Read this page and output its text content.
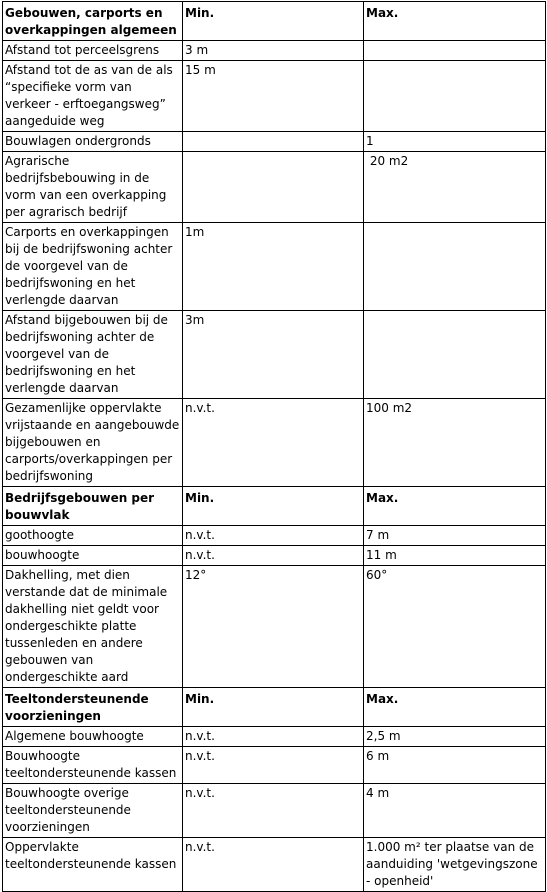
Gebouwen, carports en overkappingen algemeen	Min.	Max.
Afstand tot perceelsgrens	3 m	
Afstand tot de as van de als “specifieke vorm van verkeer - erftoegangsweg” aangeduide weg	15 m	
Bouwlagen ondergronds		1
Agrarische bedrijfsbebouwing in de vorm van een overkapping per agrarisch bedrijf		20 m2
Carports en overkappingen bij de bedrijfswoning achter de voorgevel van de bedrijfswoning en het verlengde daarvan	1m	
Afstand bijgebouwen bij de bedrijfswoning achter de voorgevel van de bedrijfswoning en het verlengde daarvan	3m	
Gezamenlijke oppervlakte vrijstaande en aangebouwde bijgebouwen en carports/overkappingen per bedrijfswoning	n.v.t.	100 m2
Bedrijfsgebouwen per bouwvlak	Min.	Max.
goothoogte	n.v.t.	7 m
bouwhoogte	n.v.t.	11 m
Dakhelling, met dien verstande dat de minimale dakhelling niet geldt voor ondergeschikte platte tussenleden en andere gebouwen van ondergeschikte aard	12°	60°
Teeltondersteunende voorzieningen	Min.	Max.
Algemene bouwhoogte	n.v.t.	2,5 m
Bouwhoogte teeltondersteunende kassen	n.v.t.	6 m
Bouwhoogte overige teeltondersteunende voorzieningen	n.v.t.	4 m
Oppervlakte teeltondersteunende kassen	n.v.t.	1.000 m² ter plaatse van de aanduiding 'wetgevingszone - openheid'
